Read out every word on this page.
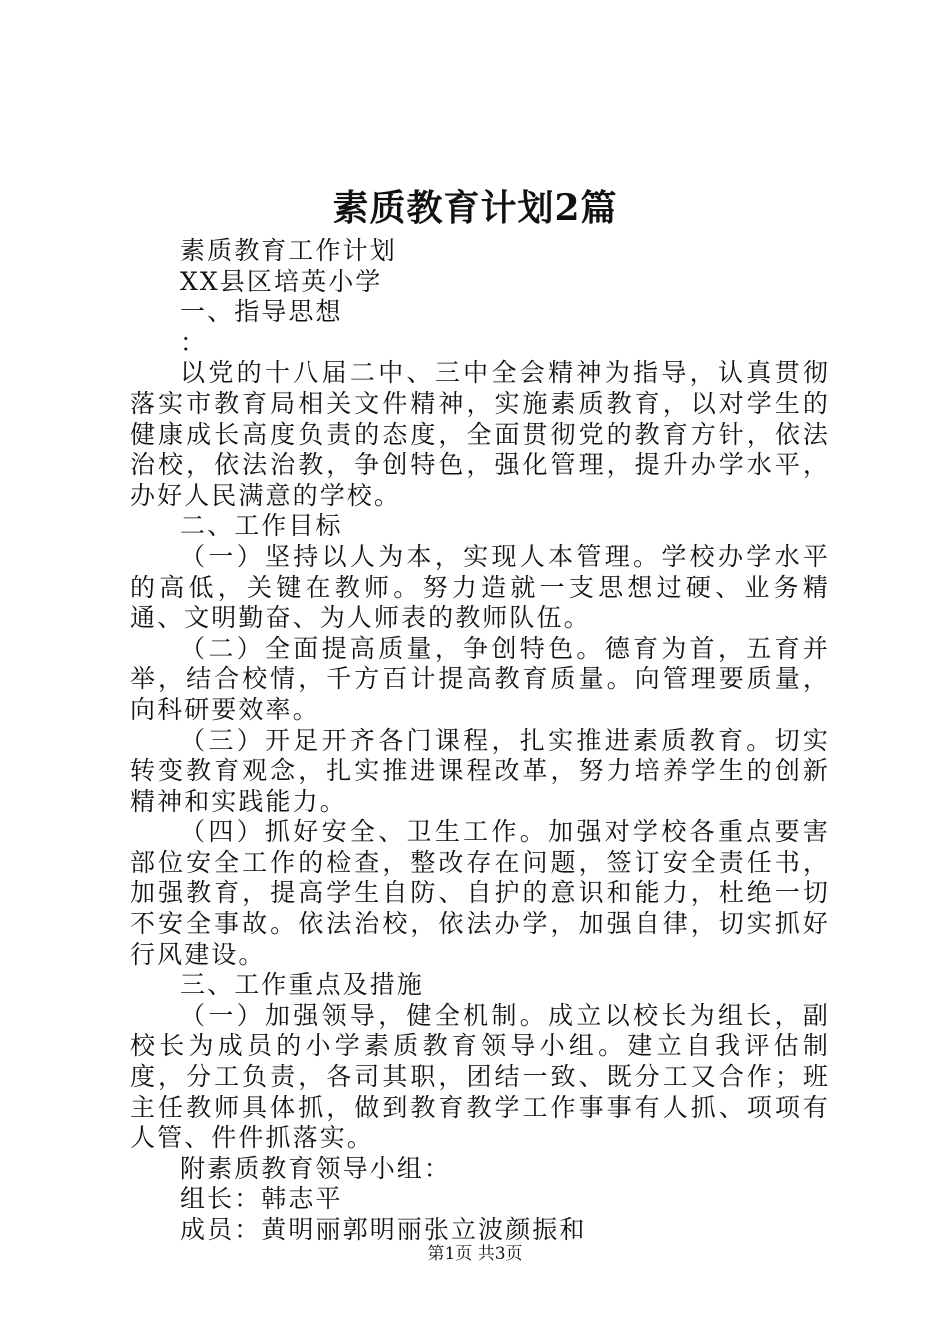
素质教育计划2篇

素质教育工作计划

XX县区培英小学

一、指导思想

：

以党的十八届二中、三中全会精神为指导，认真贯彻落实市教育局相关文件精神，实施素质教育，以对学生的健康成长高度负责的态度，全面贯彻党的教育方针，依法治校，依法治教，争创特色，强化管理，提升办学水平，办好人民满意的学校。

二、工作目标

（一）坚持以人为本，实现人本管理。学校办学水平的高低，关键在教师。努力造就一支思想过硬、业务精通、文明勤奋、为人师表的教师队伍。

（二）全面提高质量，争创特色。德育为首，五育并举，结合校情，千方百计提高教育质量。向管理要质量，向科研要效率。

（三）开足开齐各门课程，扎实推进素质教育。切实转变教育观念，扎实推进课程改革，努力培养学生的创新精神和实践能力。

（四）抓好安全、卫生工作。加强对学校各重点要害部位安全工作的检查，整改存在问题，签订安全责任书，加强教育，提高学生自防、自护的意识和能力，杜绝一切不安全事故。依法治校，依法办学，加强自律，切实抓好行风建设。

三、工作重点及措施

（一）加强领导，健全机制。成立以校长为组长，副校长为成员的小学素质教育领导小组。建立自我评估制度，分工负责，各司其职，团结一致、既分工又合作；班主任教师具体抓，做到教育教学工作事事有人抓、项项有人管、件件抓落实。

附素质教育领导小组：

组长：韩志平

成员：黄明丽郭明丽张立波颜振和

第1页 共3页
